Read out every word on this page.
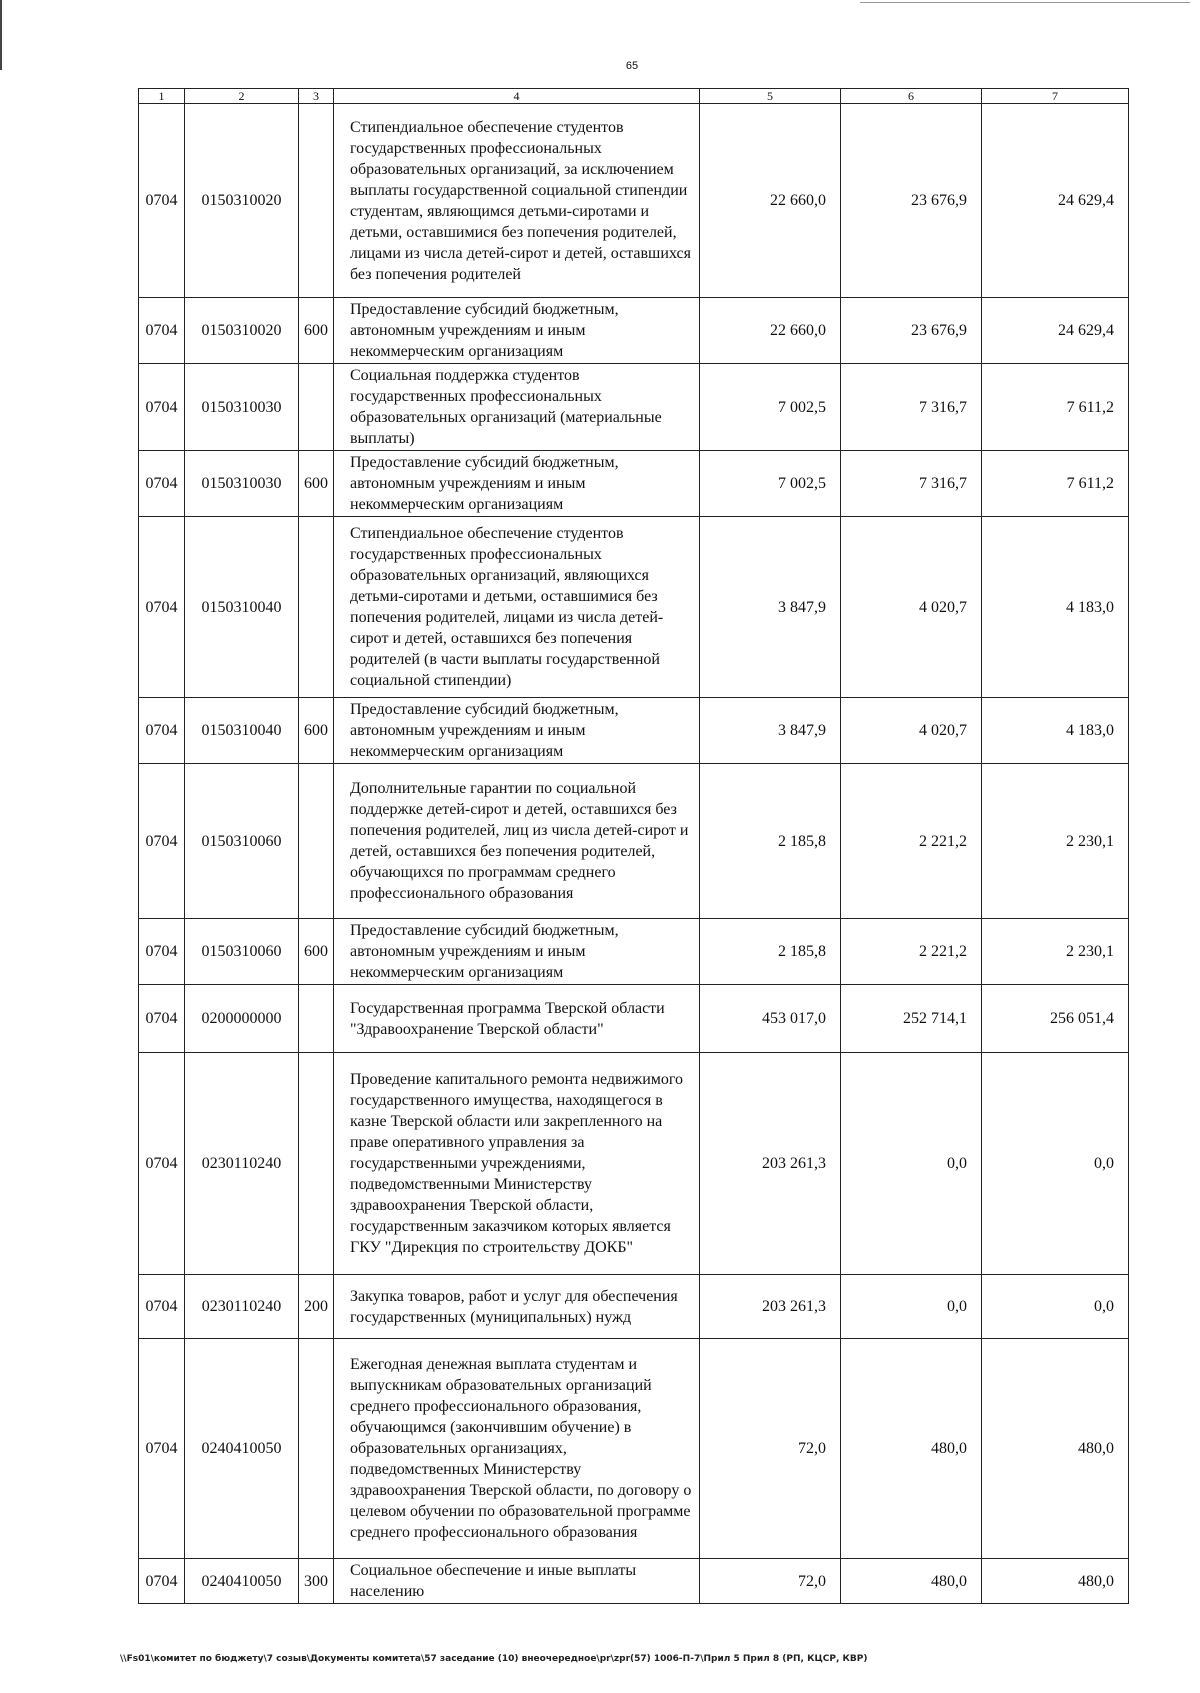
65
1	2	3	4	5	6	7
0704	0150310020		Стипендиальное обеспечение студентов государственных профессиональных образовательных организаций, за исключением выплаты государственной социальной стипендии студентам, являющимся детьми-сиротами и детьми, оставшимися без попечения родителей, лицами из числа детей-сирот и детей, оставшихся без попечения родителей	22 660,0	23 676,9	24 629,4
0704	0150310020	600	Предоставление субсидий бюджетным, автономным учреждениям и иным некоммерческим организациям	22 660,0	23 676,9	24 629,4
0704	0150310030		Социальная поддержка студентов государственных профессиональных образовательных организаций (материальные выплаты)	7 002,5	7 316,7	7 611,2
0704	0150310030	600	Предоставление субсидий бюджетным, автономным учреждениям и иным некоммерческим организациям	7 002,5	7 316,7	7 611,2
0704	0150310040		Стипендиальное обеспечение студентов государственных профессиональных образовательных организаций, являющихся детьми-сиротами и детьми, оставшимися без попечения родителей, лицами из числа детей-сирот и детей, оставшихся без попечения родителей (в части выплаты государственной социальной стипендии)	3 847,9	4 020,7	4 183,0
0704	0150310040	600	Предоставление субсидий бюджетным, автономным учреждениям и иным некоммерческим организациям	3 847,9	4 020,7	4 183,0
0704	0150310060		Дополнительные гарантии по социальной поддержке детей-сирот и детей, оставшихся без попечения родителей, лиц из числа детей-сирот и детей, оставшихся без попечения родителей, обучающихся по программам среднего профессионального образования	2 185,8	2 221,2	2 230,1
0704	0150310060	600	Предоставление субсидий бюджетным, автономным учреждениям и иным некоммерческим организациям	2 185,8	2 221,2	2 230,1
0704	0200000000		Государственная программа Тверской области "Здравоохранение Тверской области"	453 017,0	252 714,1	256 051,4
0704	0230110240		Проведение капитального ремонта недвижимого государственного имущества, находящегося в казне Тверской области или закрепленного на праве оперативного управления за государственными учреждениями, подведомственными Министерству здравоохранения Тверской области, государственным заказчиком которых является ГКУ "Дирекция по строительству ДОКБ"	203 261,3	0,0	0,0
0704	0230110240	200	Закупка товаров, работ и услуг для обеспечения государственных (муниципальных) нужд	203 261,3	0,0	0,0
0704	0240410050		Ежегодная денежная выплата студентам и выпускникам образовательных организаций среднего профессионального образования, обучающимся (закончившим обучение) в образовательных организациях, подведомственных Министерству здравоохранения Тверской области, по договору о целевом обучении по образовательной программе среднего профессионального образования	72,0	480,0	480,0
0704	0240410050	300	Социальное обеспечение и иные выплаты населению	72,0	480,0	480,0
\\Fs01\комитет по бюджету\7 созыв\Документы комитета\57 заседание (10) внеочередное\pr\zpr(57) 1006-П-7\Прил 5 Прил 8 (РП, КЦСР, КВР)
